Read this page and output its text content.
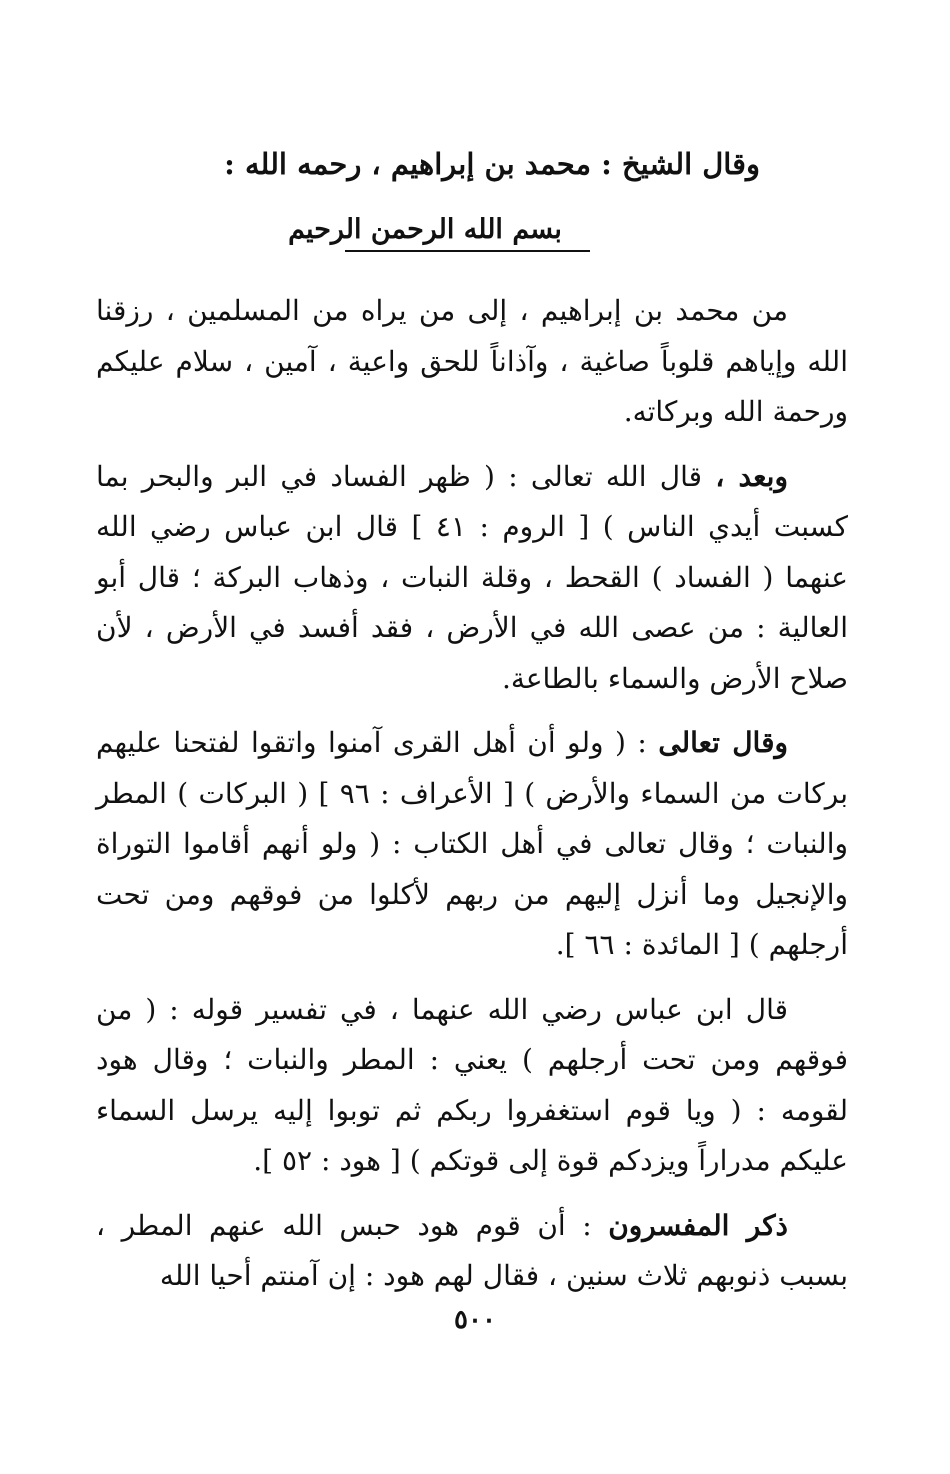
وقال الشيخ : محمد بن إبراهيم ، رحمه الله :
بسم الله الرحمن الرحيم

من محمد بن إبراهيم ، إلى من يراه من المسلمين ، رزقنا الله وإياهم قلوباً صاغية ، وآذاناً للحق واعية ، آمين ، سلام عليكم ورحمة الله وبركاته.

وبعد ، قال الله تعالى : ( ظهر الفساد في البر والبحر بما كسبت أيدي الناس ) [ الروم : ٤١ ] قال ابن عباس رضي الله عنهما ( الفساد ) القحط ، وقلة النبات ، وذهاب البركة ؛ قال أبو العالية : من عصى الله في الأرض ، فقد أفسد في الأرض ، لأن صلاح الأرض والسماء بالطاعة.

وقال تعالى : ( ولو أن أهل القرى آمنوا واتقوا لفتحنا عليهم بركات من السماء والأرض ) [ الأعراف : ٩٦ ] ( البركات ) المطر والنبات ؛ وقال تعالى في أهل الكتاب : ( ولو أنهم أقاموا التوراة والإنجيل وما أنزل إليهم من ربهم لأكلوا من فوقهم ومن تحت أرجلهم ) [ المائدة : ٦٦ ].

قال ابن عباس رضي الله عنهما ، في تفسير قوله : ( من فوقهم ومن تحت أرجلهم ) يعني : المطر والنبات ؛ وقال هود لقومه : ( ويا قوم استغفروا ربكم ثم توبوا إليه يرسل السماء عليكم مدراراً ويزدكم قوة إلى قوتكم ) [ هود : ٥٢ ].

ذكر المفسرون : أن قوم هود حبس الله عنهم المطر ، بسبب ذنوبهم ثلاث سنين ، فقال لهم هود : إن آمنتم أحيا الله

٥٠٠
